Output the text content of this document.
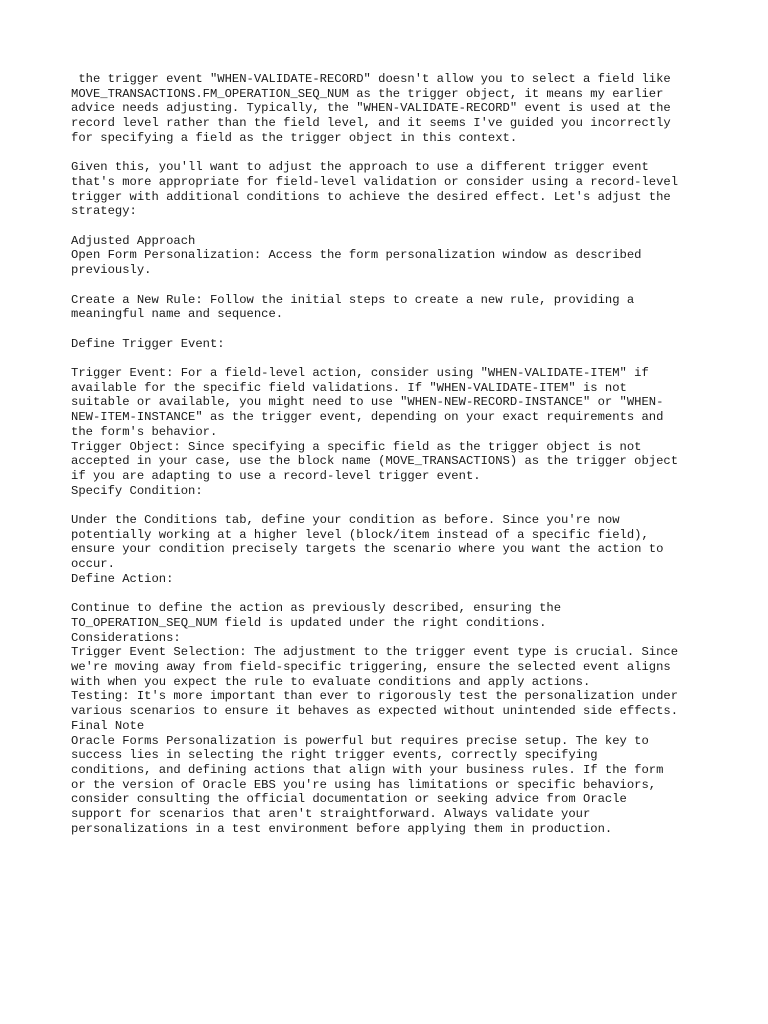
the trigger event "WHEN-VALIDATE-RECORD" doesn't allow you to select a field like

MOVE_TRANSACTIONS.FM_OPERATION_SEQ_NUM as the trigger object, it means my earlier

advice needs adjusting. Typically, the "WHEN-VALIDATE-RECORD" event is used at the

record level rather than the field level, and it seems I've guided you incorrectly

for specifying a field as the trigger object in this context.

Given this, you'll want to adjust the approach to use a different trigger event

that's more appropriate for field-level validation or consider using a record-level

trigger with additional conditions to achieve the desired effect. Let's adjust the

strategy:

Adjusted Approach

Open Form Personalization: Access the form personalization window as described

previously.

Create a New Rule: Follow the initial steps to create a new rule, providing a

meaningful name and sequence.

Define Trigger Event:

Trigger Event: For a field-level action, consider using "WHEN-VALIDATE-ITEM" if

available for the specific field validations. If "WHEN-VALIDATE-ITEM" is not

suitable or available, you might need to use "WHEN-NEW-RECORD-INSTANCE" or "WHEN-

NEW-ITEM-INSTANCE" as the trigger event, depending on your exact requirements and

the form's behavior.

Trigger Object: Since specifying a specific field as the trigger object is not

accepted in your case, use the block name (MOVE_TRANSACTIONS) as the trigger object

if you are adapting to use a record-level trigger event.

Specify Condition:

Under the Conditions tab, define your condition as before. Since you're now

potentially working at a higher level (block/item instead of a specific field),

ensure your condition precisely targets the scenario where you want the action to

occur.

Define Action:

Continue to define the action as previously described, ensuring the

TO_OPERATION_SEQ_NUM field is updated under the right conditions.

Considerations:

Trigger Event Selection: The adjustment to the trigger event type is crucial. Since

we're moving away from field-specific triggering, ensure the selected event aligns

with when you expect the rule to evaluate conditions and apply actions.

Testing: It's more important than ever to rigorously test the personalization under

various scenarios to ensure it behaves as expected without unintended side effects.

Final Note

Oracle Forms Personalization is powerful but requires precise setup. The key to

success lies in selecting the right trigger events, correctly specifying

conditions, and defining actions that align with your business rules. If the form

or the version of Oracle EBS you're using has limitations or specific behaviors,

consider consulting the official documentation or seeking advice from Oracle

support for scenarios that aren't straightforward. Always validate your

personalizations in a test environment before applying them in production.
